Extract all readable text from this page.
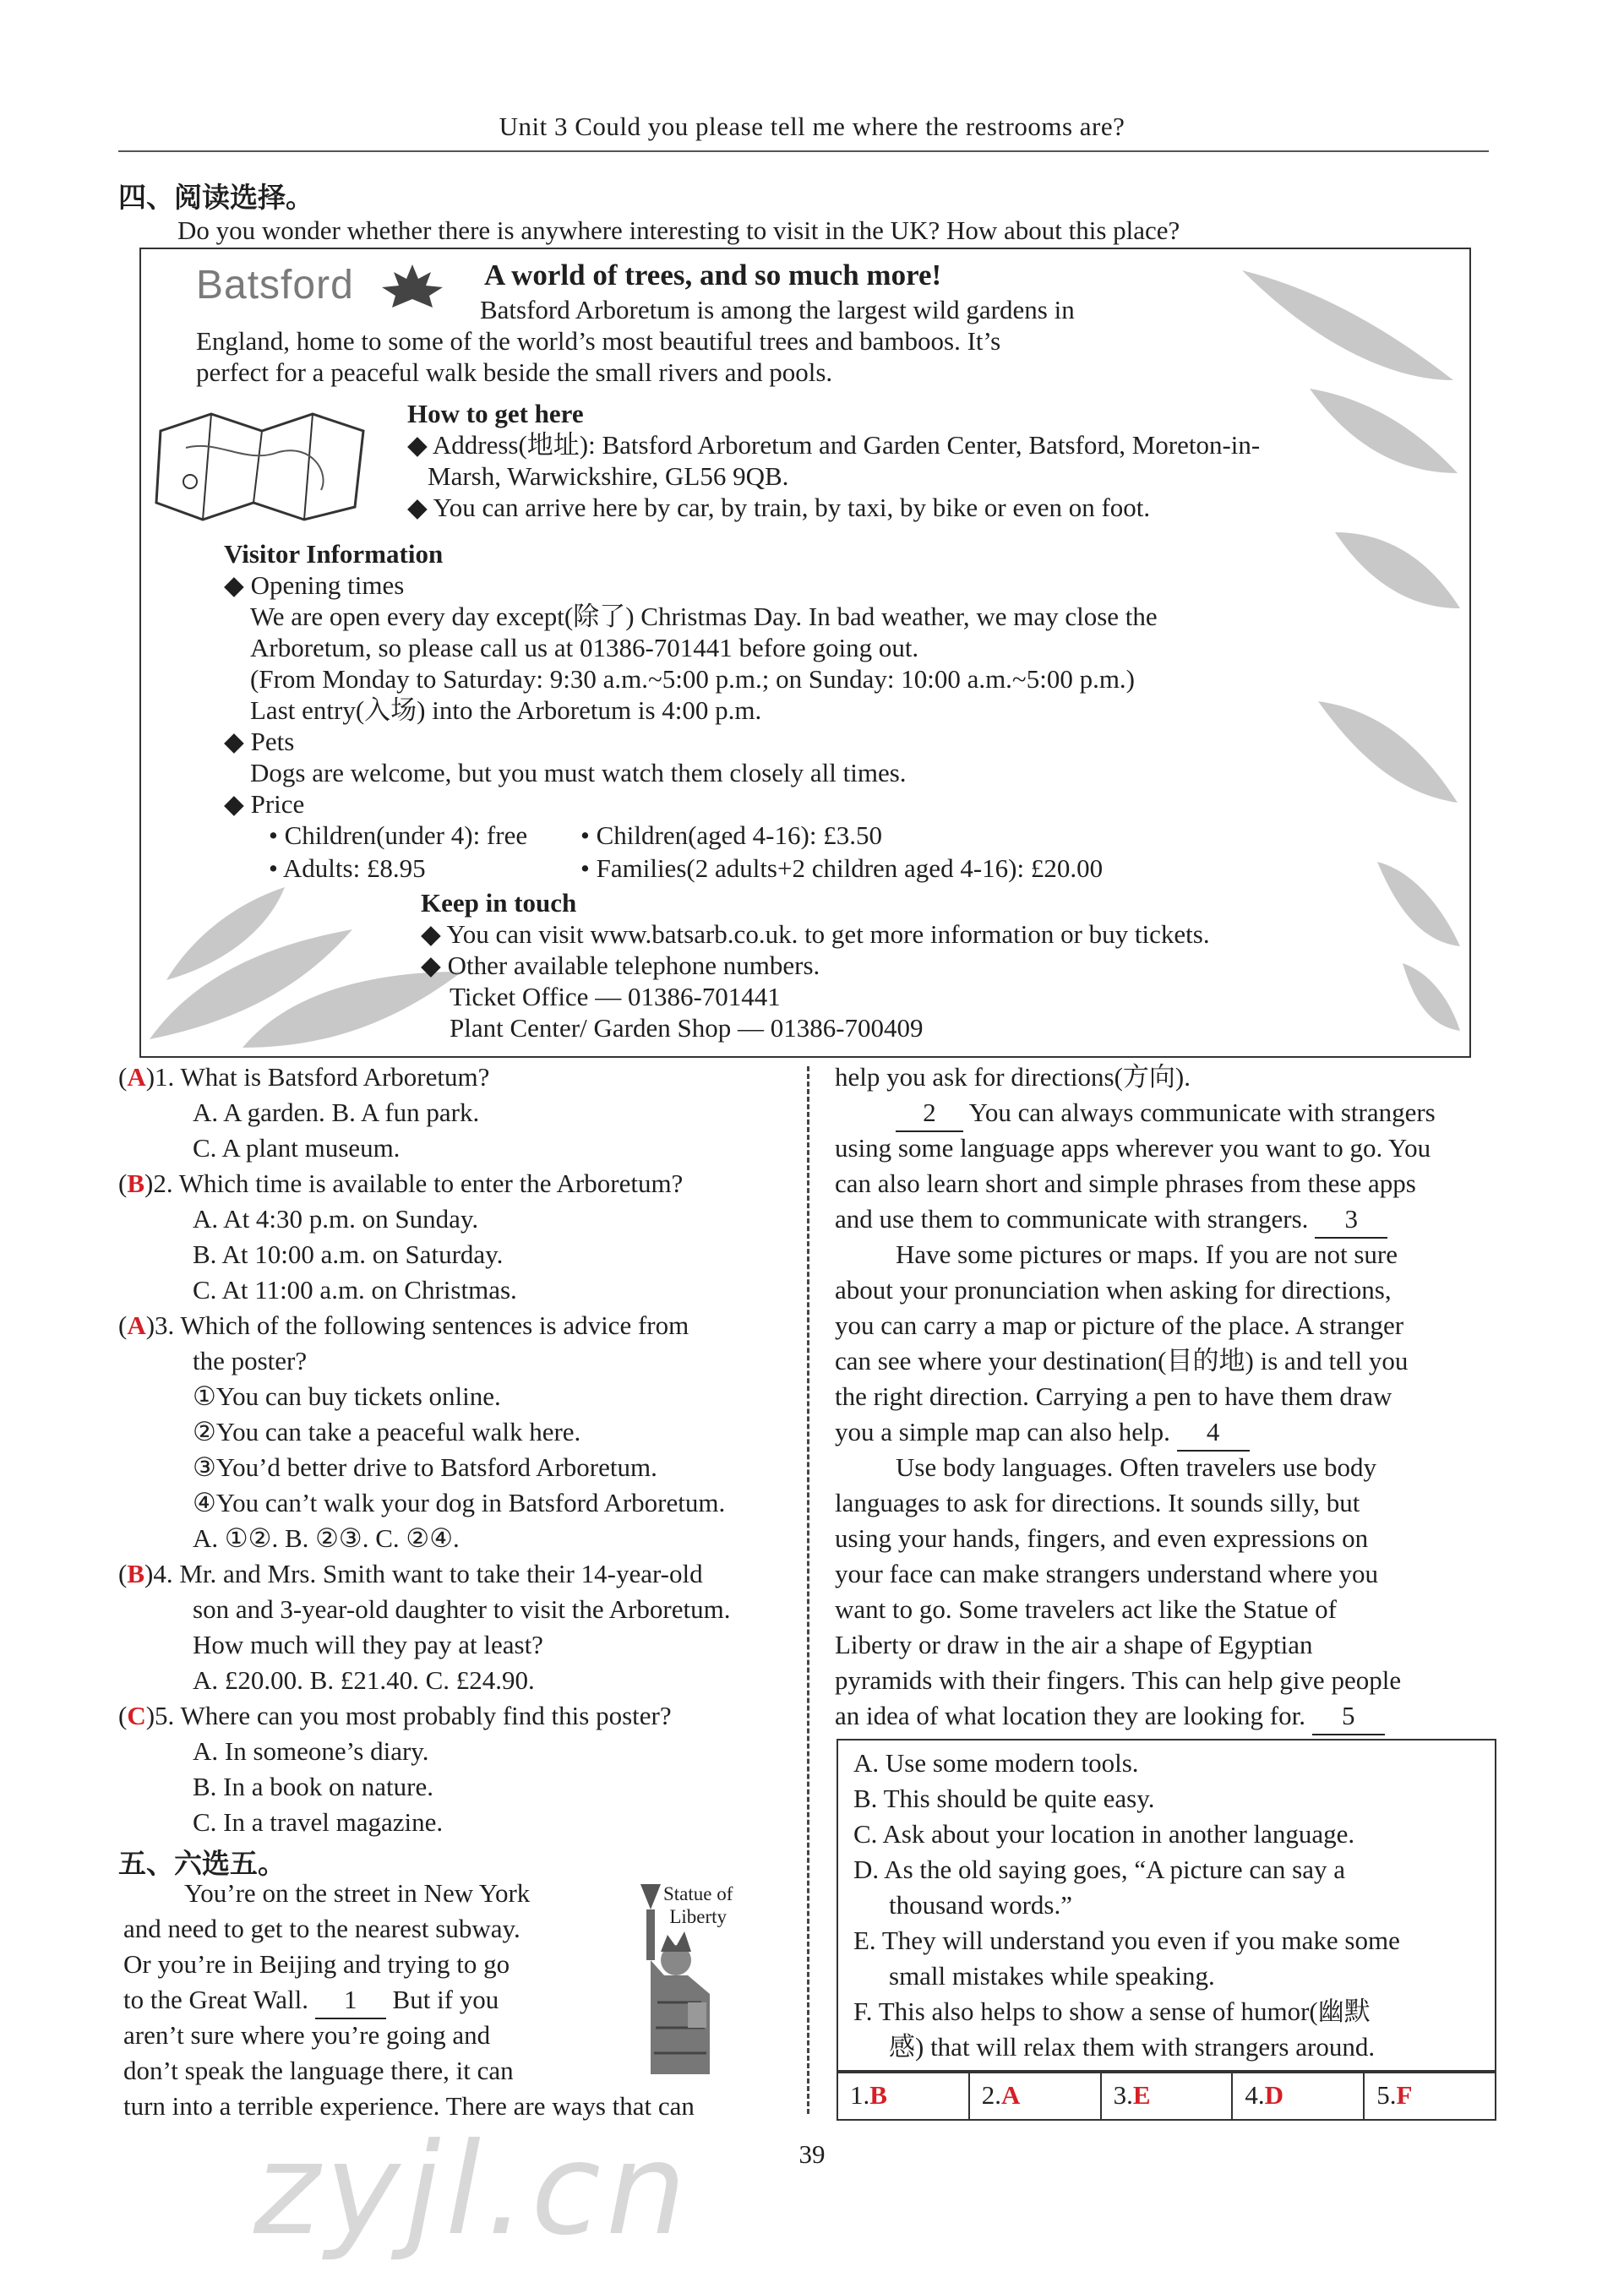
Unit 3 Could you please tell me where the restrooms are?
四、阅读选择。
Do you wonder whether there is anywhere interesting to visit in the UK? How about this place?
Batsford	A world of trees, and so much more!
Batsford Arboretum is among the largest wild gardens in
England, home to some of the world’s most beautiful trees and bamboos. It’s
perfect for a peaceful walk beside the small rivers and pools.
How to get here
◆ Address(地址): Batsford Arboretum and Garden Center, Batsford, Moreton-in-
Marsh, Warwickshire, GL56 9QB.
◆ You can arrive here by car, by train, by taxi, by bike or even on foot.
Visitor Information
◆ Opening times
We are open every day except(除了) Christmas Day. In bad weather, we may close the
Arboretum, so please call us at 01386-701441 before going out.
(From Monday to Saturday: 9:30 a.m.~5:00 p.m.; on Sunday: 10:00 a.m.~5:00 p.m.)
Last entry(入场) into the Arboretum is 4:00 p.m.
◆ Pets
Dogs are welcome, but you must watch them closely all times.
◆ Price
• Children(under 4): free • Children(aged 4-16): £3.50
• Adults: £8.95	• Families(2 adults+2 children aged 4-16): £20.00
Keep in touch
◆ You can visit www.batsarb.co.uk. to get more information or buy tickets.
◆ Other available telephone numbers.
Ticket Office — 01386-701441
Plant Center/ Garden Shop — 01386-700409
(A)1. What is Batsford Arboretum?
A. A garden. B. A fun park.
C. A plant museum.
(B)2. Which time is available to enter the Arboretum?
A. At 4:30 p.m. on Sunday.
B. At 10:00 a.m. on Saturday.
C. At 11:00 a.m. on Christmas.
(A)3. Which of the following sentences is advice from
the poster?
①You can buy tickets online.
②You can take a peaceful walk here.
③You’d better drive to Batsford Arboretum.
④You can’t walk your dog in Batsford Arboretum.
A. ①②. B. ②③. C. ②④.
(B)4. Mr. and Mrs. Smith want to take their 14-year-old
son and 3-year-old daughter to visit the Arboretum.
How much will they pay at least?
A. £20.00. B. £21.40. C. £24.90.
(C)5. Where can you most probably find this poster?
A. In someone’s diary.
B. In a book on nature.
C. In a travel magazine.
五、六选五。
You’re on the street in New York
and need to get to the nearest subway.
Or you’re in Beijing and trying to go
to the Great Wall. 1 But if you
aren’t sure where you’re going and
don’t speak the language there, it can
turn into a terrible experience. There are ways that can
Statue of
Liberty
help you ask for directions(方向).
2 You can always communicate with strangers
using some language apps wherever you want to go. You
can also learn short and simple phrases from these apps
and use them to communicate with strangers. 3
Have some pictures or maps. If you are not sure
about your pronunciation when asking for directions,
you can carry a map or picture of the place. A stranger
can see where your destination(目的地) is and tell you
the right direction. Carrying a pen to have them draw
you a simple map can also help. 4
Use body languages. Often travelers use body
languages to ask for directions. It sounds silly, but
using your hands, fingers, and even expressions on
your face can make strangers understand where you
want to go. Some travelers act like the Statue of
Liberty or draw in the air a shape of Egyptian
pyramids with their fingers. This can help give people
an idea of what location they are looking for. 5
A. Use some modern tools.
B. This should be quite easy.
C. Ask about your location in another language.
D. As the old saying goes, “A picture can say a
thousand words.”
E. They will understand you even if you make some
small mistakes while speaking.
F. This also helps to show a sense of humor(幽默
感) that will relax them with strangers around.
1.B	2.A	3.E	4.D	5.F
39
zyjl.cn
